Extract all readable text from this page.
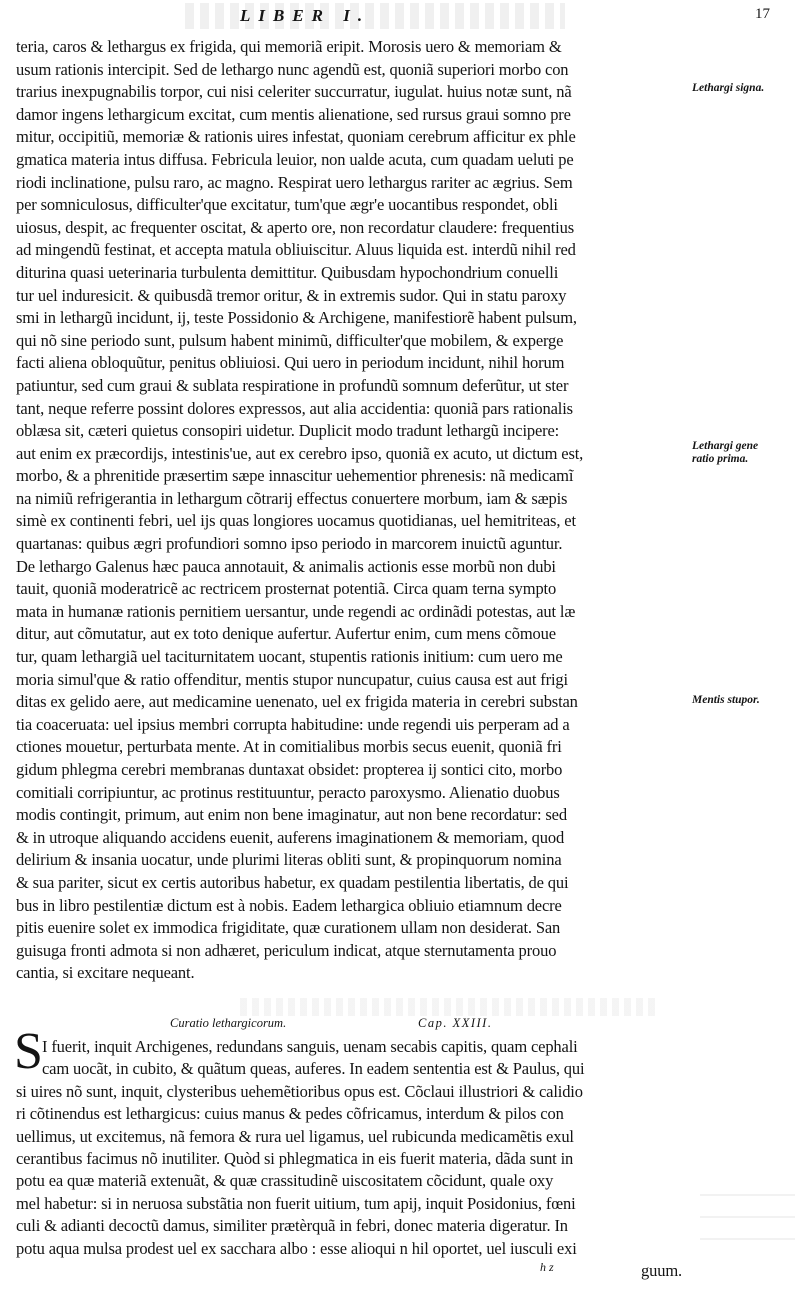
LIBER I.	17
teria, caros & lethargus ex frigida, qui memoriã eripit. Morosis uero & memoriam &
usum rationis intercipit. Sed de lethargo nunc agendũ est, quoniã superiori morbo con
trarius inexpugnabilis torpor, cui nisi celeriter succurratur, iugulat. huius notæ sunt, nã
damor ingens lethargicum excitat, cum mentis alienatione, sed rursus graui somno pre
mitur, occipitiũ, memoriæ & rationis uires infestat, quoniam cerebrum afficitur ex phle
gmatica materia intus diffusa. Febricula leuior, non ualde acuta, cum quadam ueluti pe
riodi inclinatione, pulsu raro, ac magno. Respirat uero lethargus rariter ac ægrius. Sem
per somniculosus, difficulter'que excitatur, tum'que ægr'e uocantibus respondet, obli
uiosus, despit, ac frequenter oscitat, & aperto ore, non recordatur claudere: frequentius
ad mingendũ festinat, et accepta matula obliuiscitur. Aluus liquida est. interdũ nihil red
diturina quasi ueterinaria turbulenta demittitur. Quibusdam hypochondrium conuelli
tur uel induresicit. & quibusdã tremor oritur, & in extremis sudor. Qui in statu paroxy
smi in lethargũ incidunt, ij, teste Possidonio & Archigene, manifestiorẽ habent pulsum,
qui nõ sine periodo sunt, pulsum habent minimũ, difficulter'que mobilem, & experge
facti aliena obloquũtur, penitus obliuiosi. Qui uero in periodum incidunt, nihil horum
patiuntur, sed cum graui & sublata respiratione in profundũ somnum deferũtur, ut ster
tant, neque referre possint dolores expressos, aut alia accidentia: quoniã pars rationalis
oblæsa sit, cæteri quietus consopiri uidetur. Duplicit modo tradunt lethargũ incipere:
aut enim ex præcordijs, intestinis'ue, aut ex cerebro ipso, quoniã ex acuto, ut dictum est,
morbo, & a phrenitide præsertim sæpe innascitur uehementior phrenesis: nã medicamĩ
na nimiũ refrigerantia in lethargum cõtrarij effectus conuertere morbum, iam & sæpis
simè ex continenti febri, uel ijs quas longiores uocamus quotidianas, uel hemitriteas, et
quartanas: quibus ægri profundiori somno ipso periodo in marcorem inuictũ aguntur.
De lethargo Galenus hæc pauca annotauit, & animalis actionis esse morbũ non dubi
tauit, quoniã moderatricẽ ac rectricem prosternat potentiã. Circa quam terna sympto
mata in humanæ rationis pernitiem uersantur, unde regendi ac ordinãdi potestas, aut læ
ditur, aut cõmutatur, aut ex toto denique aufertur. Aufertur enim, cum mens cõmoue
tur, quam lethargiã uel taciturnitatem uocant, stupentis rationis initium: cum uero me
moria simul'que & ratio offenditur, mentis stupor nuncupatur, cuius causa est aut frigi
ditas ex gelido aere, aut medicamine uenenato, uel ex frigida materia in cerebri substan
tia coaceruata: uel ipsius membri corrupta habitudine: unde regendi uis perperam ad a
ctiones mouetur, perturbata mente. At in comitialibus morbis secus euenit, quoniã fri
gidum phlegma cerebri membranas duntaxat obsidet: propterea ij sontici cito, morbo
comitiali corripiuntur, ac protinus restituuntur, peracto paroxysmo. Alienatio duobus
modis contingit, primum, aut enim non bene imaginatur, aut non bene recordatur: sed
& in utroque aliquando accidens euenit, auferens imaginationem & memoriam, quod
delirium & insania uocatur, unde plurimi literas obliti sunt, & propinquorum nomina
& sua pariter, sicut ex certis autoribus habetur, ex quadam pestilentia libertatis, de qui
bus in libro pestilentiæ dictum est à nobis. Eadem lethargica obliuio etiamnum decre
pitis euenire solet ex immodica frigiditate, quæ curationem ullam non desiderat. San
guisuga fronti admota si non adhæret, periculum indicat, atque sternutamenta prouo
cantia, si excitare nequeant.
Lethargi signa.
Lethargi gene ratio prima.
Mentis stupor.
Curatio lethargicorum.	Cap. XXIII.
S I fuerit, inquit Archigenes, redundans sanguis, uenam secabis capitis, quam cephali
cam uocãt, in cubito, & quãtum queas, auferes. In eadem sententia est & Paulus, qui
si uires nõ sunt, inquit, clysteribus uehemẽtioribus opus est. Cõclaui illustriori & calidio
ri cõtinendus est lethargicus: cuius manus & pedes cõfricamus, interdum & pilos con
uellimus, ut excitemus, nã femora & rura uel ligamus, uel rubicunda medicamẽtis exul
cerantibus facimus nõ inutiliter. Quòd si phlegmatica in eis fuerit materia, dãda sunt in
potu ea quæ materiã extenuãt, & quæ crassitudinẽ uiscositatem cõcidunt, quale oxy
mel habetur: si in neruosa substãtia non fuerit uitium, tum apij, inquit Posidonius, fœni
culi & adianti decoctũ damus, similiter prætèrquã in febri, donec materia digeratur. In
potu aqua mulsa prodest uel ex sacchara albo : esse alioqui n hil oportet, uel iusculi exi
guum.
h z
